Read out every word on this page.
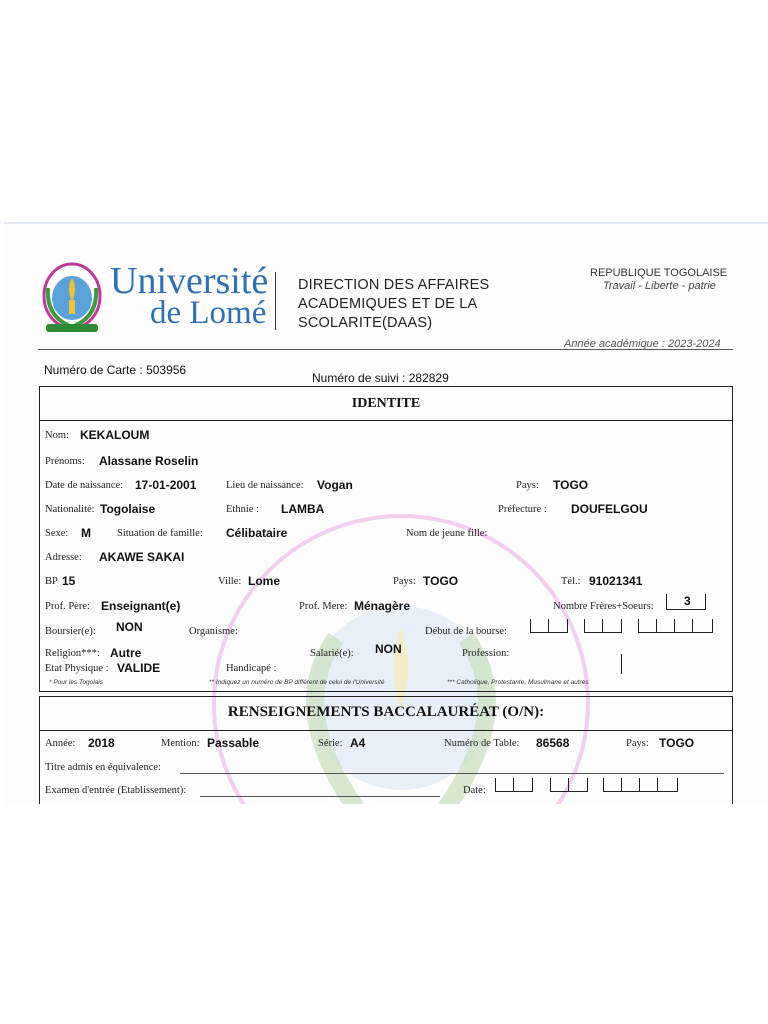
Université
de Lomé
DIRECTION DES AFFAIRES
ACADEMIQUES ET DE LA
SCOLARITE(DAAS)
REPUBLIQUE TOGOLAISE
Travail - Liberte - patrie
Année académique : 2023-2024
Numéro de Carte : 503956
Numéro de suivi : 282829
IDENTITE
Nom: KEKALOUM
Prénoms: Alassane Roselin
Date de naissance: 17-01-2001	Lieu de naissance: Vogan	Pays: TOGO
Nationalité: Togolaise	Ethnie : LAMBA	Préfecture : DOUFELGOU
Sexe: M Situation de famille: Célibataire	Nom de jeune fille:
Adresse: AKAWE SAKAI
BP 15	Ville: Lome	Pays: TOGO	Tél.: 91021341
Prof. Père: Enseignant(e)	Prof. Mere: Ménagère	Nombre Frères+Soeurs:	3
Boursier(e): NON	Organisme:	Début de la bourse:
Religion***: Autre	Salarié(e): NON	Profession:
Etat Physique : VALIDE	Handicapé :
* Pour les Togolais	** Indiquez un numéro de BP différent de celui de l'Université	*** Catholique, Protestante, Musulmane et autres
RENSEIGNEMENTS BACCALAURÉAT (O/N):
Année: 2018	Mention: Passable	Série: A4	Numéro de Table: 86568	Pays: TOGO
Titre admis en équivalence:
Examen d'entrée (Etablissement):	Date:
